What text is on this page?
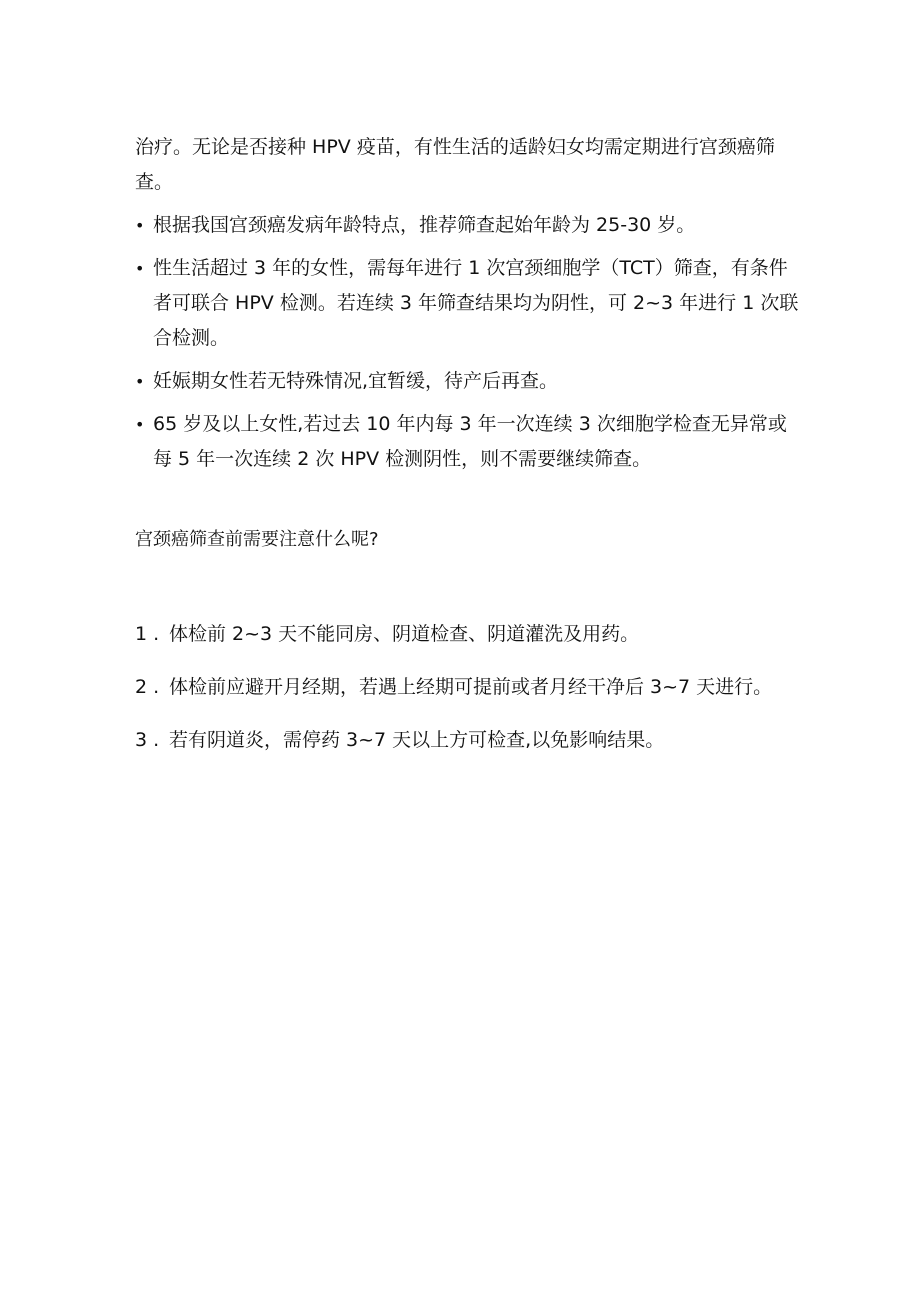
治疗。无论是否接种 HPV 疫苗，有性生活的适龄妇女均需定期进行宫颈癌筛查。

• 根据我国宫颈癌发病年龄特点，推荐筛查起始年龄为 25-30 岁。
• 性生活超过 3 年的女性，需每年进行 1 次宫颈细胞学（TCT）筛查，有条件者可联合 HPV 检测。若连续 3 年筛查结果均为阴性，可 2~3 年进行 1 次联合检测。
• 妊娠期女性若无特殊情况,宜暂缓，待产后再查。
• 65 岁及以上女性,若过去 10 年内每 3 年一次连续 3 次细胞学检查无异常或每 5 年一次连续 2 次 HPV 检测阴性，则不需要继续筛查。

宫颈癌筛查前需要注意什么呢?

1 . 体检前 2~3 天不能同房、阴道检查、阴道灌洗及用药。
2 . 体检前应避开月经期，若遇上经期可提前或者月经干净后 3~7 天进行。
3 . 若有阴道炎，需停药 3~7 天以上方可检查,以免影响结果。
